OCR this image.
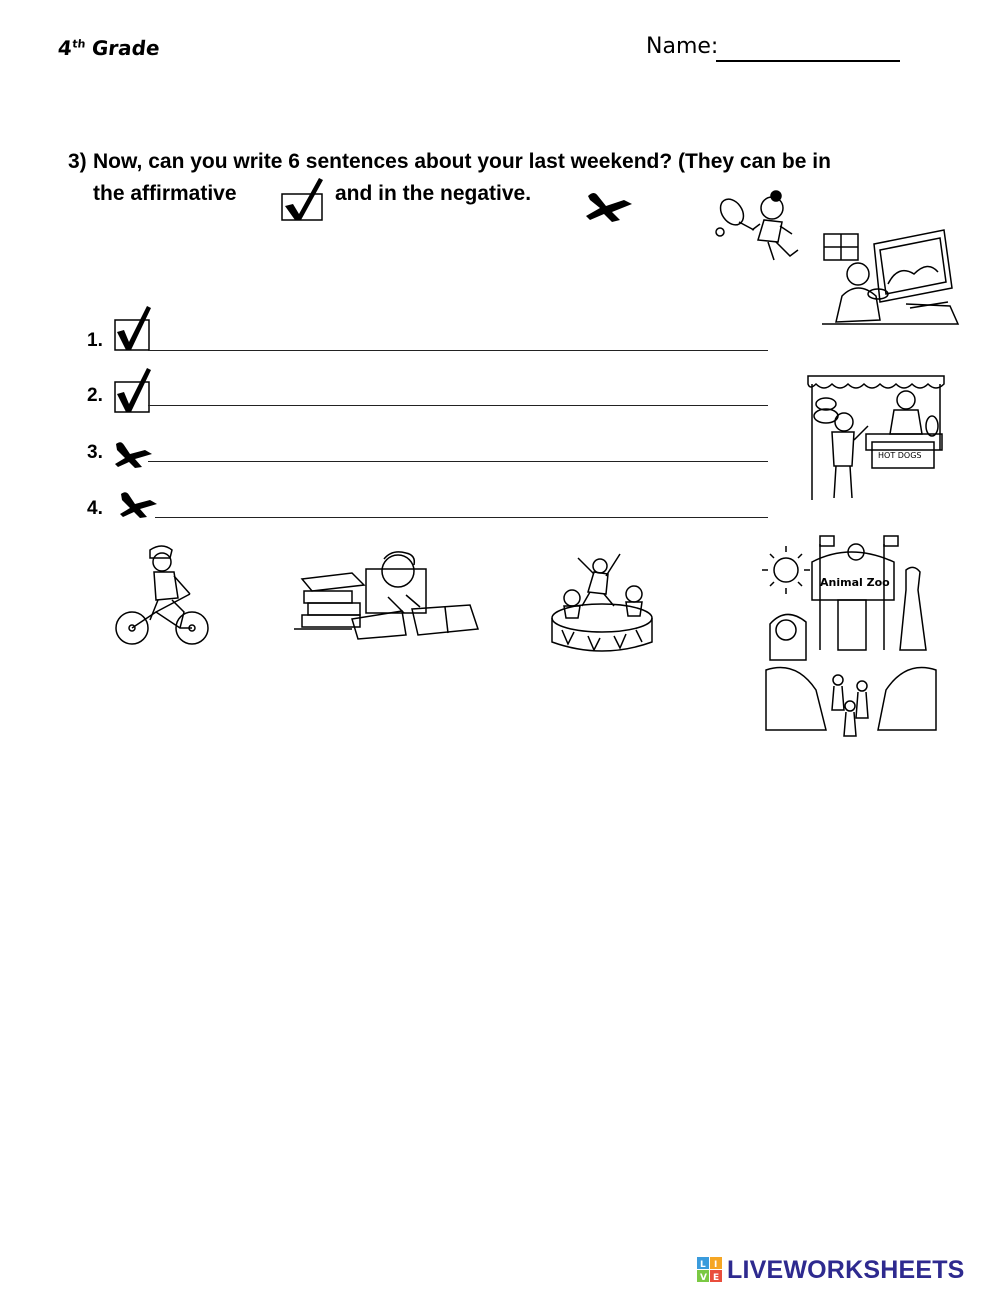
4th Grade	Name:
3) Now, can you write 6 sentences about your last weekend? (They can be in
the affirmative	and in the negative.
1.
2.
3.
4.
HOT DOGS
Animal Zoo
L I
V E LIVEWORKSHEETS
